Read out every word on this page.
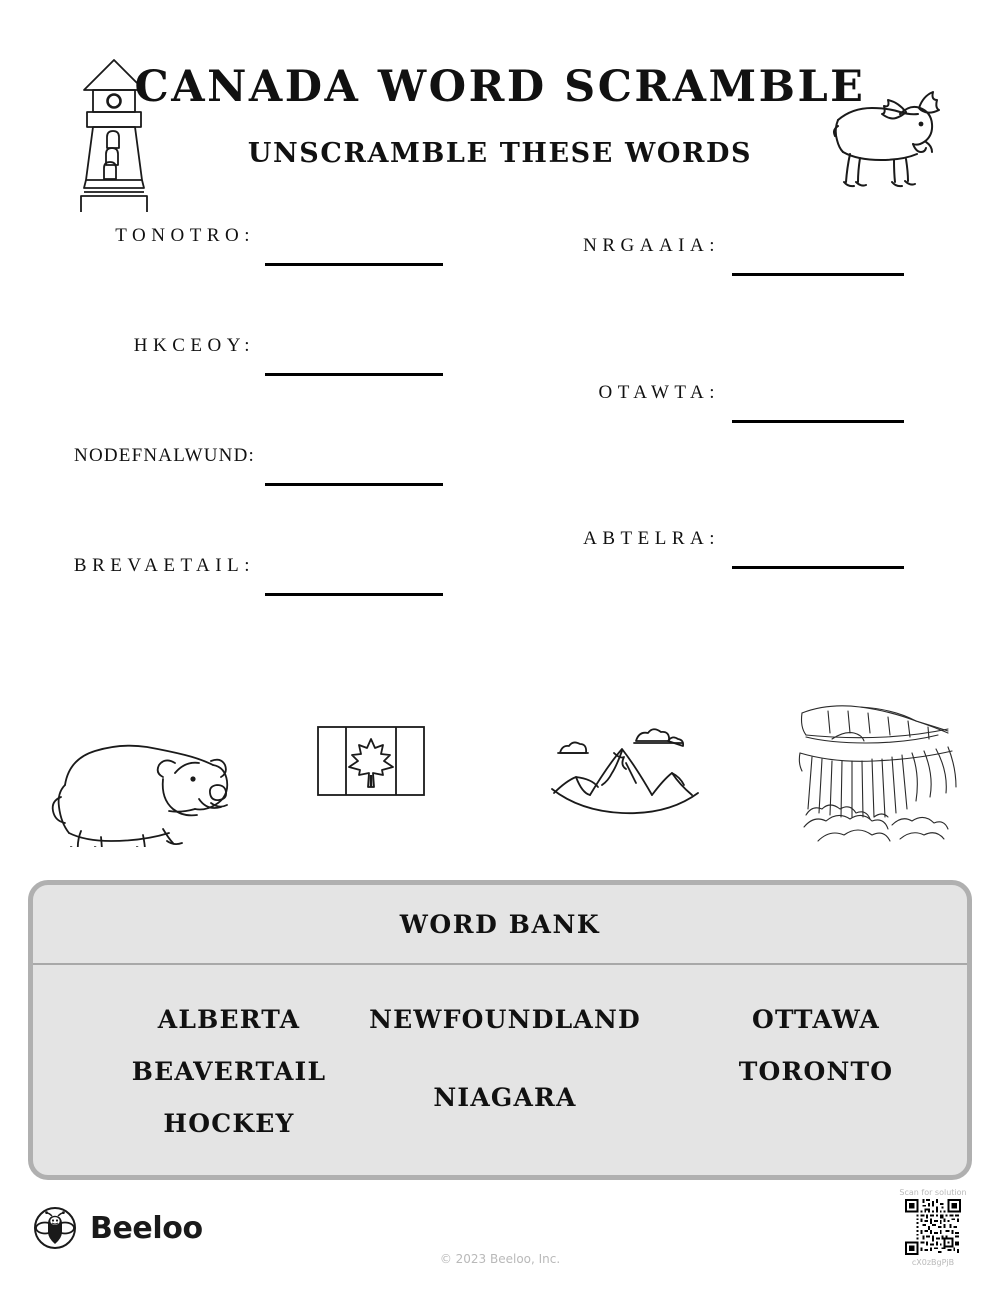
CANADA WORD SCRAMBLE
UNSCRAMBLE THESE WORDS
TONOTRO:
HKCEOY:
NODEFNALWUND:
BREVAETAIL:
NRGAAIA:
OTAWTA:
ABTELRA:
WORD BANK
ALBERTA
BEAVERTAIL
HOCKEY
NEWFOUNDLAND
NIAGARA
OTTAWA
TORONTO
Beeloo
© 2023 Beeloo, Inc.
Scan for solution
cX0zBgPjB
